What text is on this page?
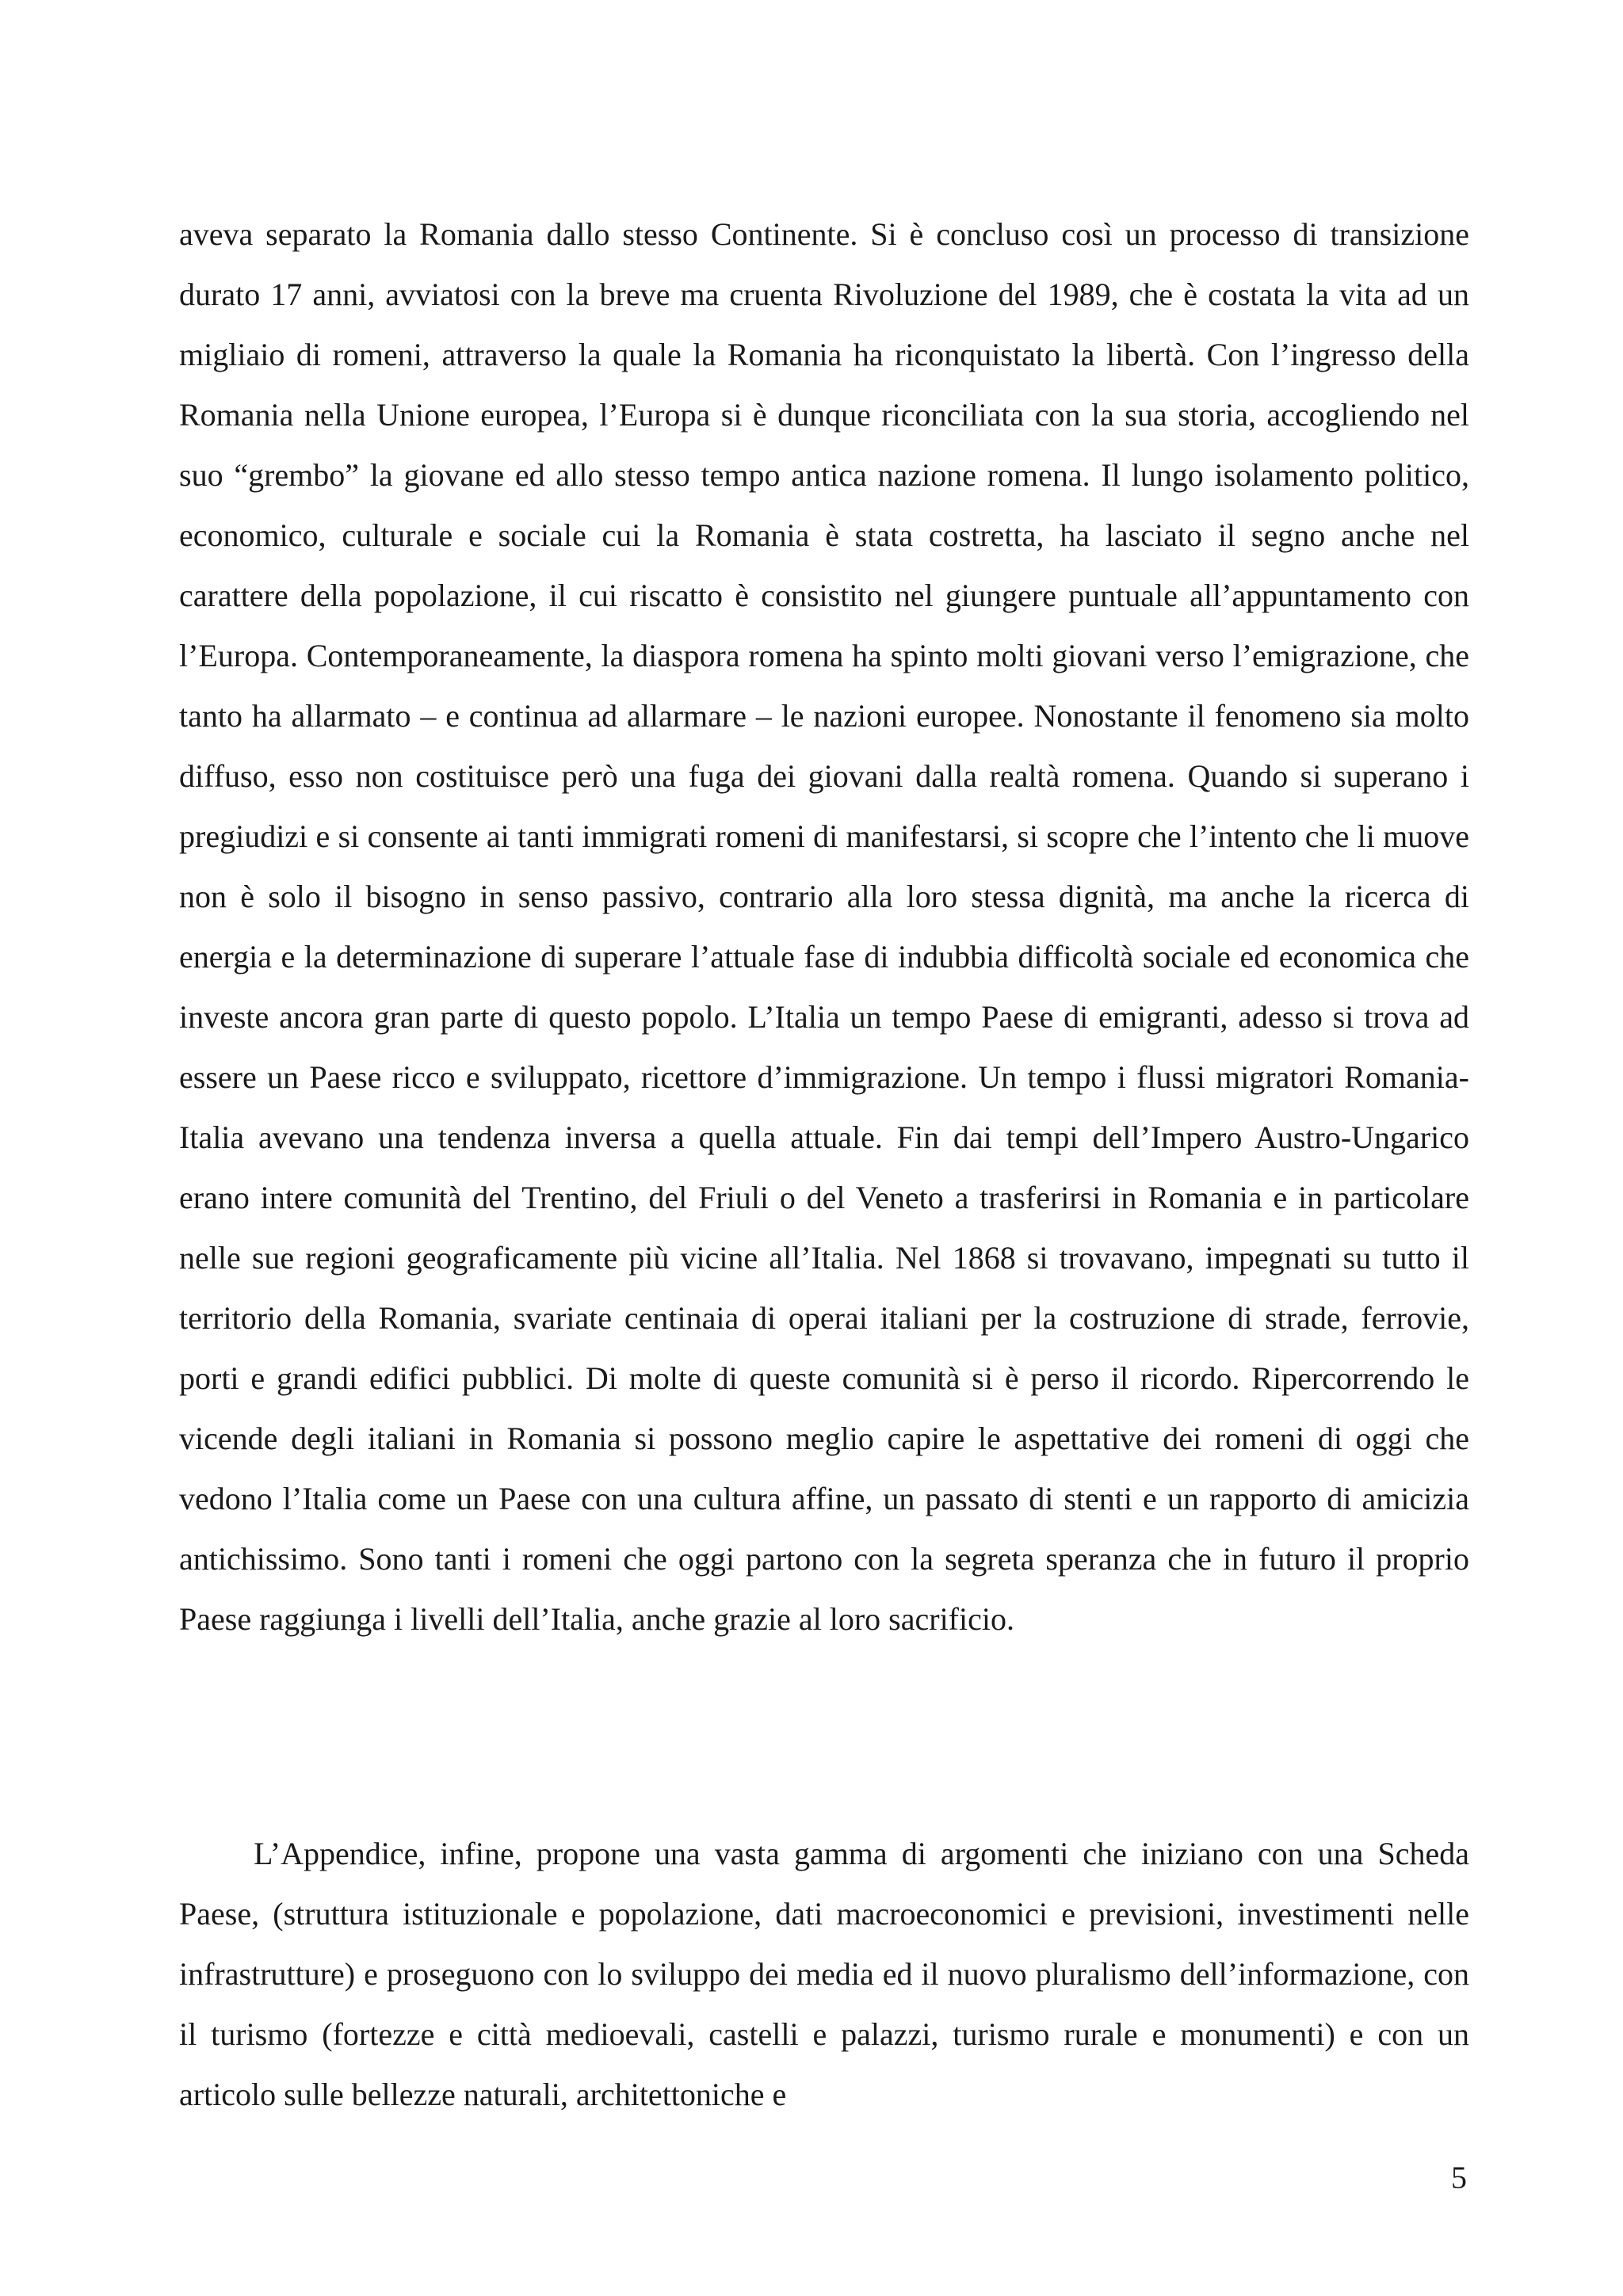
aveva separato la Romania dallo stesso Continente. Si è concluso così un processo di transizione durato 17 anni, avviatosi con la breve ma cruenta Rivoluzione del 1989, che è costata la vita ad un migliaio di romeni, attraverso la quale la Romania ha riconquistato la libertà. Con l’ingresso della Romania nella Unione europea, l’Europa si è dunque riconciliata con la sua storia, accogliendo nel suo “grembo” la giovane ed allo stesso tempo antica nazione romena. Il lungo isolamento politico, economico, culturale e sociale cui la Romania è stata costretta, ha lasciato il segno anche nel carattere della popolazione, il cui riscatto è consistito nel giungere puntuale all’appuntamento con l’Europa. Contemporaneamente, la diaspora romena ha spinto molti giovani verso l’emigrazione, che tanto ha allarmato – e continua ad allarmare – le nazioni europee. Nonostante il fenomeno sia molto diffuso, esso non costituisce però una fuga dei giovani dalla realtà romena. Quando si superano i pregiudizi e si consente ai tanti immigrati romeni di manifestarsi, si scopre che l’intento che li muove non è solo il bisogno in senso passivo, contrario alla loro stessa dignità, ma anche la ricerca di energia e la determinazione di superare l’attuale fase di indubbia difficoltà sociale ed economica che investe ancora gran parte di questo popolo. L’Italia un tempo Paese di emigranti, adesso si trova ad essere un Paese ricco e sviluppato, ricettore d’immigrazione. Un tempo i flussi migratori Romania-Italia avevano una tendenza inversa a quella attuale. Fin dai tempi dell’Impero Austro-Ungarico erano intere comunità del Trentino, del Friuli o del Veneto a trasferirsi in Romania e in particolare nelle sue regioni geograficamente più vicine all’Italia. Nel 1868 si trovavano, impegnati su tutto il territorio della Romania, svariate centinaia di operai italiani per la costruzione di strade, ferrovie, porti e grandi edifici pubblici. Di molte di queste comunità si è perso il ricordo. Ripercorrendo le vicende degli italiani in Romania si possono meglio capire le aspettative dei romeni di oggi che vedono l’Italia come un Paese con una cultura affine, un passato di stenti e un rapporto di amicizia antichissimo. Sono tanti i romeni che oggi partono con la segreta speranza che in futuro il proprio Paese raggiunga i livelli dell’Italia, anche grazie al loro sacrificio.
L’Appendice, infine, propone una vasta gamma di argomenti che iniziano con una Scheda Paese, (struttura istituzionale e popolazione, dati macroeconomici e previsioni, investimenti nelle infrastrutture) e proseguono con lo sviluppo dei media ed il nuovo pluralismo dell’informazione, con il turismo (fortezze e città medioevali, castelli e palazzi, turismo rurale e monumenti) e con un articolo sulle bellezze naturali, architettoniche e
5
